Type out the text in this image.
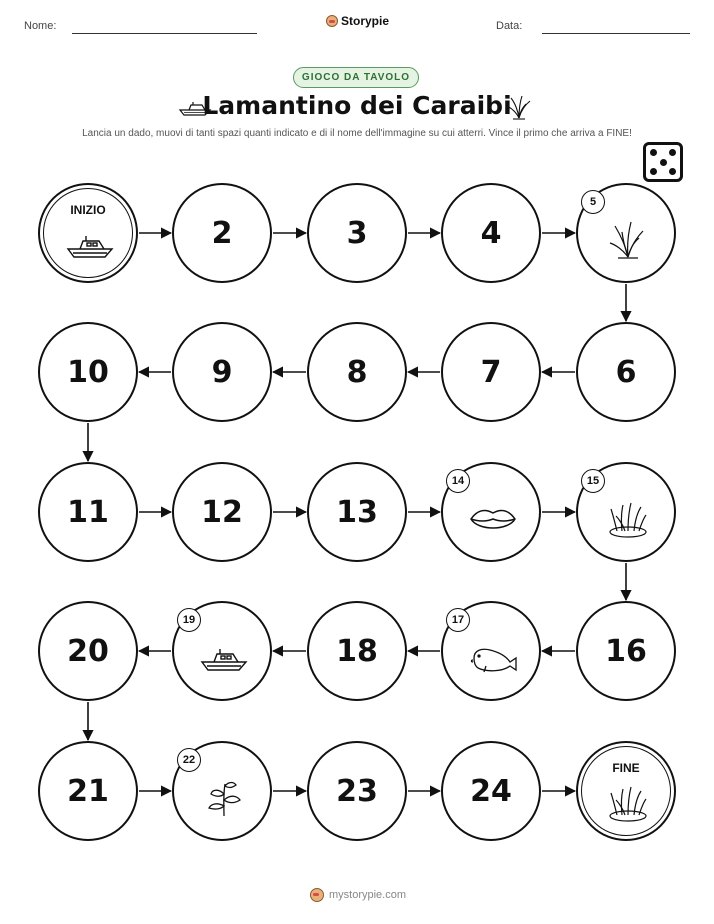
Nome:	Storypie	Data:
GIOCO DA TAVOLO
Lamantino dei Caraibi
Lancia un dado, muovi di tanti spazi quanti indicato e di il nome dell'immagine su cui atterri. Vince il primo che arriva a FINE!
INIZIO
2	3	4
5
6
7
8
9
10
11	12	13
14	15
16
17
18
19
20
21
22
23	24
FINE
mystorypie.com
